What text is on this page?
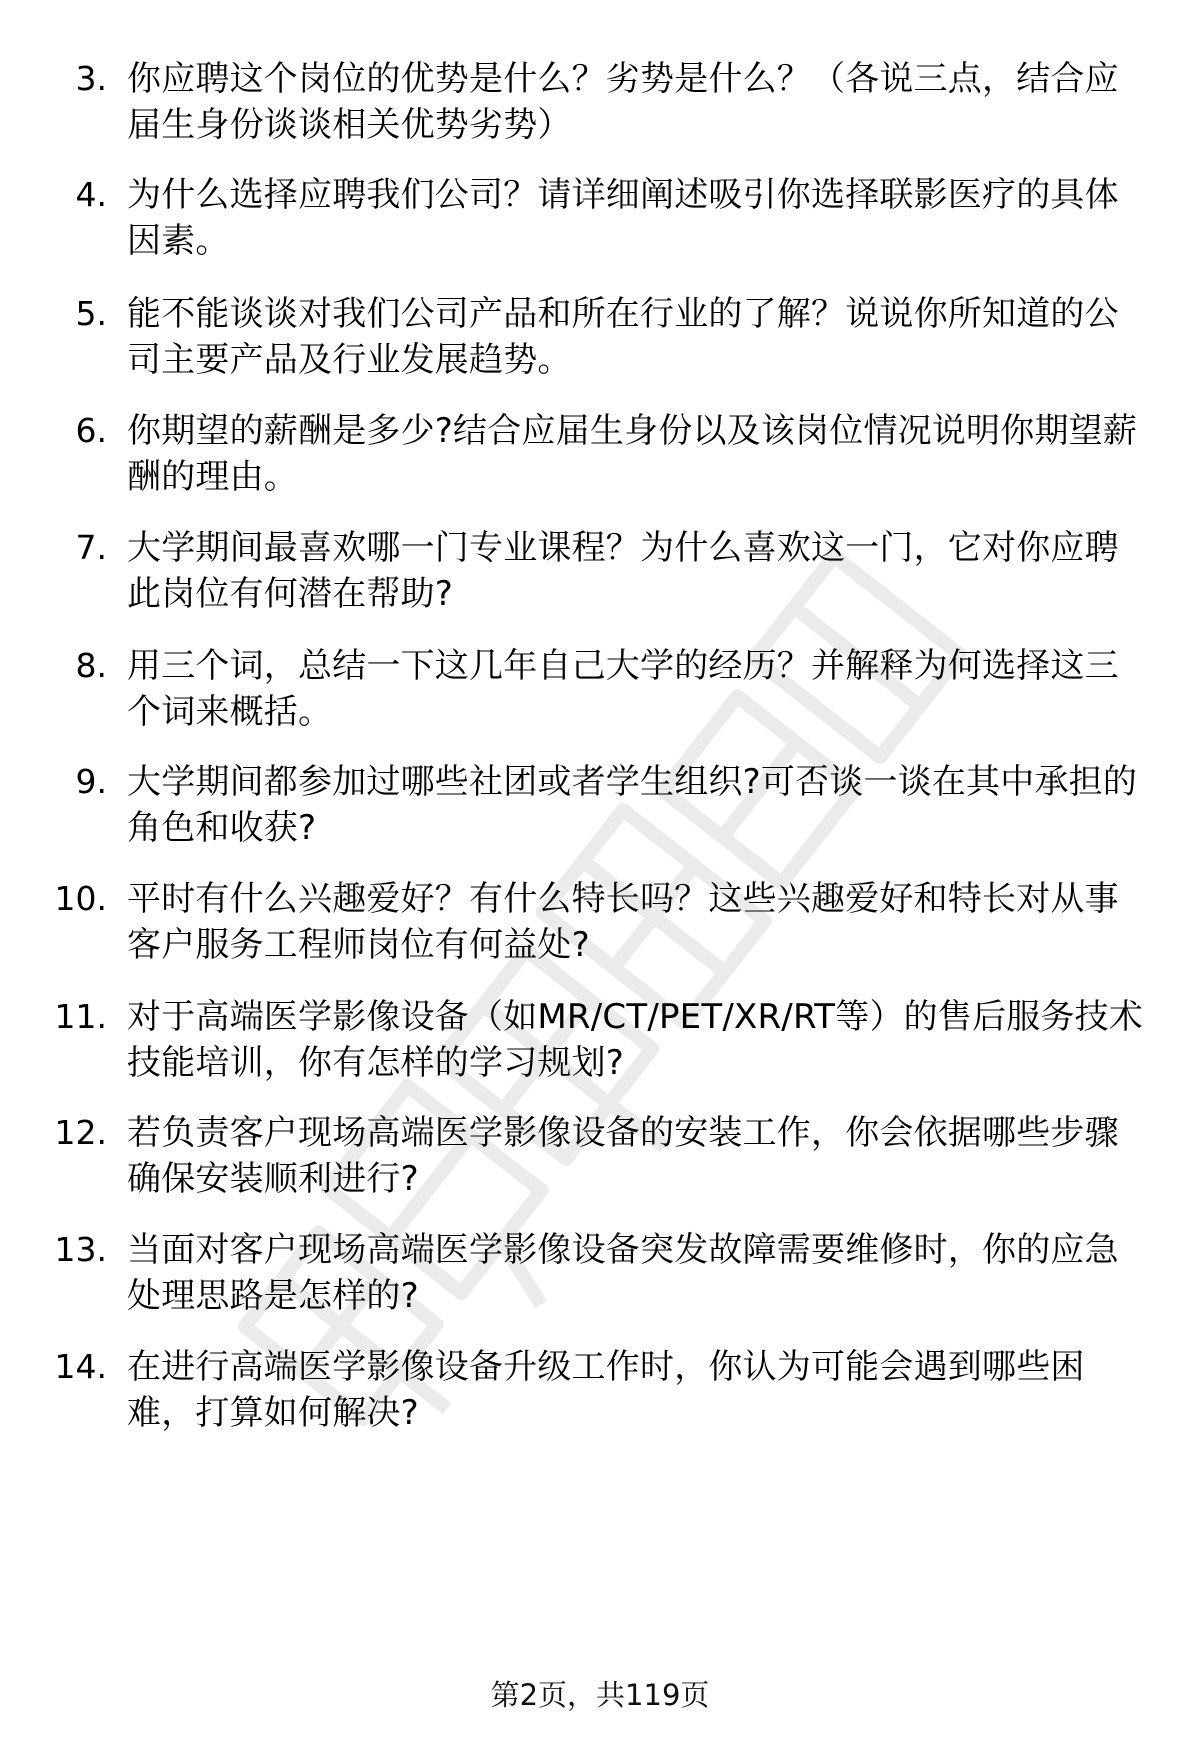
3. 你应聘这个岗位的优势是什么？劣势是什么？（各说三点，结合应届生身份谈谈相关优势劣势）
4. 为什么选择应聘我们公司？请详细阐述吸引你选择联影医疗的具体因素。
5. 能不能谈谈对我们公司产品和所在行业的了解？说说你所知道的公司主要产品及行业发展趋势。
6. 你期望的薪酬是多少?结合应届生身份以及该岗位情况说明你期望薪酬的理由。
7. 大学期间最喜欢哪一门专业课程？为什么喜欢这一门，它对你应聘此岗位有何潜在帮助?
8. 用三个词，总结一下这几年自己大学的经历？并解释为何选择这三个词来概括。
9. 大学期间都参加过哪些社团或者学生组织?可否谈一谈在其中承担的角色和收获?
10. 平时有什么兴趣爱好？有什么特长吗？这些兴趣爱好和特长对从事客户服务工程师岗位有何益处?
11. 对于高端医学影像设备（如MR/CT/PET/XR/RT等）的售后服务技术技能培训，你有怎样的学习规划?
12. 若负责客户现场高端医学影像设备的安装工作，你会依据哪些步骤确保安装顺利进行?
13. 当面对客户现场高端医学影像设备突发故障需要维修时，你的应急处理思路是怎样的?
14. 在进行高端医学影像设备升级工作时，你认为可能会遇到哪些困难，打算如何解决?
第2页，共119页
